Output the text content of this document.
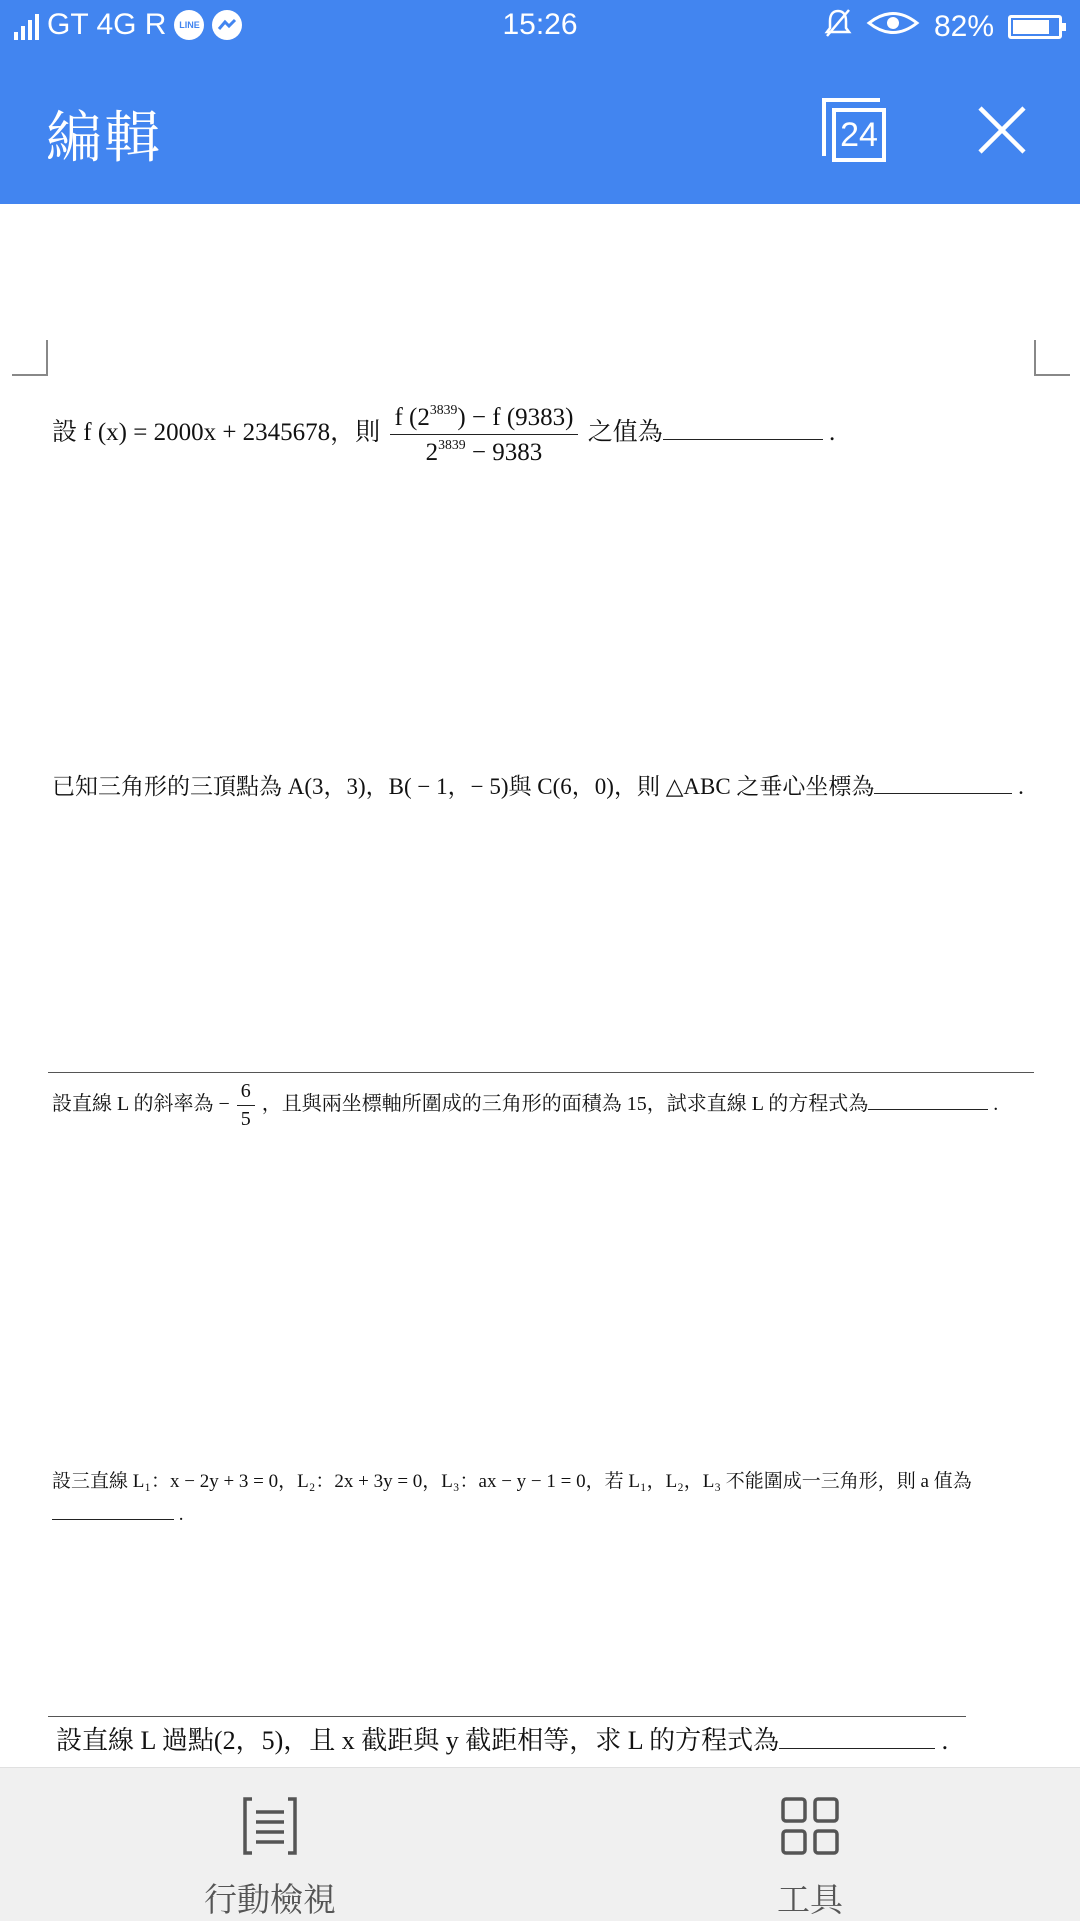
GT 4G R	LINE	15:26	82%
編輯	24
設 f (x) = 2000x + 2345678，則 $\frac{f (2^{3839}) - f (9383)}{2^{3839} - 9383}$ 之值為	.
已知三角形的三頂點為 A(3，3)，B( − 1，− 5)與 C(6，0)，則 △ABC 之垂心坐標為	.
設直線 L 的斜率為 − $\frac{6}{5}$ ，且與兩坐標軸所圍成的三角形的面積為 15，試求直線 L 的方程式為	.
設三直線 L₁：x − 2y + 3 = 0，L₂：2x + 3y = 0，L₃：ax − y − 1 = 0，若 L₁，L₂，L₃ 不能圍成一三角形，則 a 值為
.
設直線 L 過點(2，5)，且 x 截距與 y 截距相等，求 L 的方程式為	.
行動檢視	工具
